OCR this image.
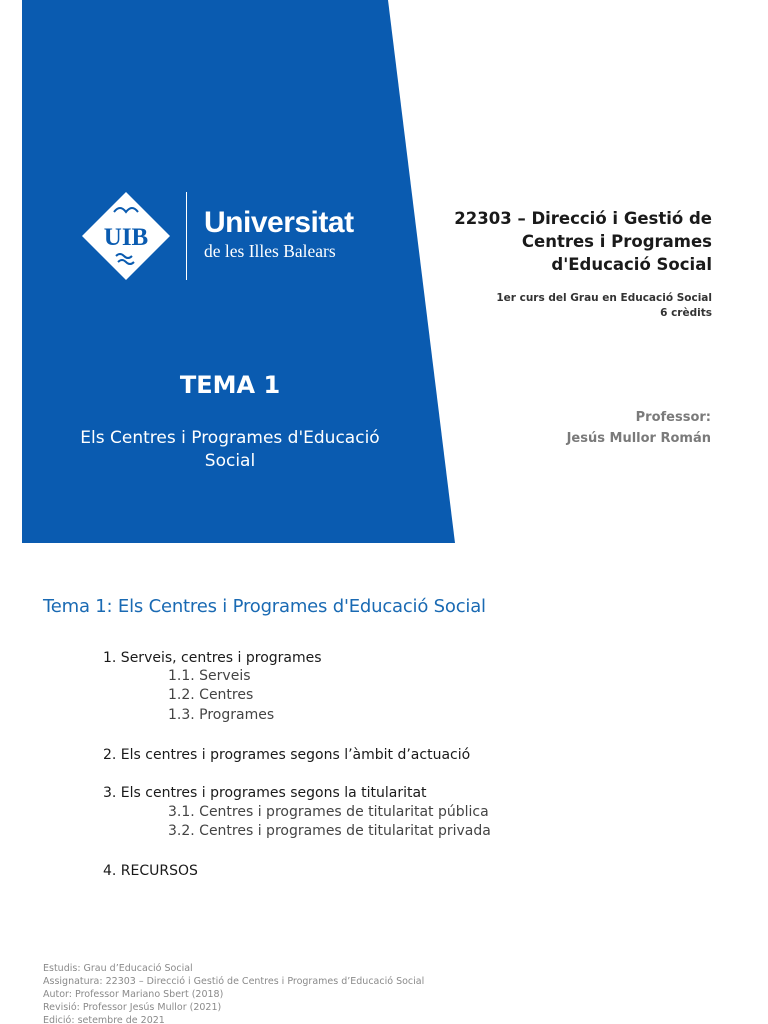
UIB Universitat
de les Illes Balears
TEMA 1
Els Centres i Programes d'Educació
Social
22303 – Direcció i Gestió de
Centres i Programes
d'Educació Social
1er curs del Grau en Educació Social
6 crèdits
Professor:
Jesús Mullor Román
Tema 1: Els Centres i Programes d'Educació Social
1. Serveis, centres i programes
1.1. Serveis
1.2. Centres
1.3. Programes
2. Els centres i programes segons l’àmbit d’actuació
3. Els centres i programes segons la titularitat
3.1. Centres i programes de titularitat pública
3.2. Centres i programes de titularitat privada
4. RECURSOS
Estudis: Grau d’Educació Social
Assignatura: 22303 – Direcció i Gestió de Centres i Programes d’Educació Social
Autor: Professor Mariano Sbert (2018)
Revisió: Professor Jesús Mullor (2021)
Edició: setembre de 2021
